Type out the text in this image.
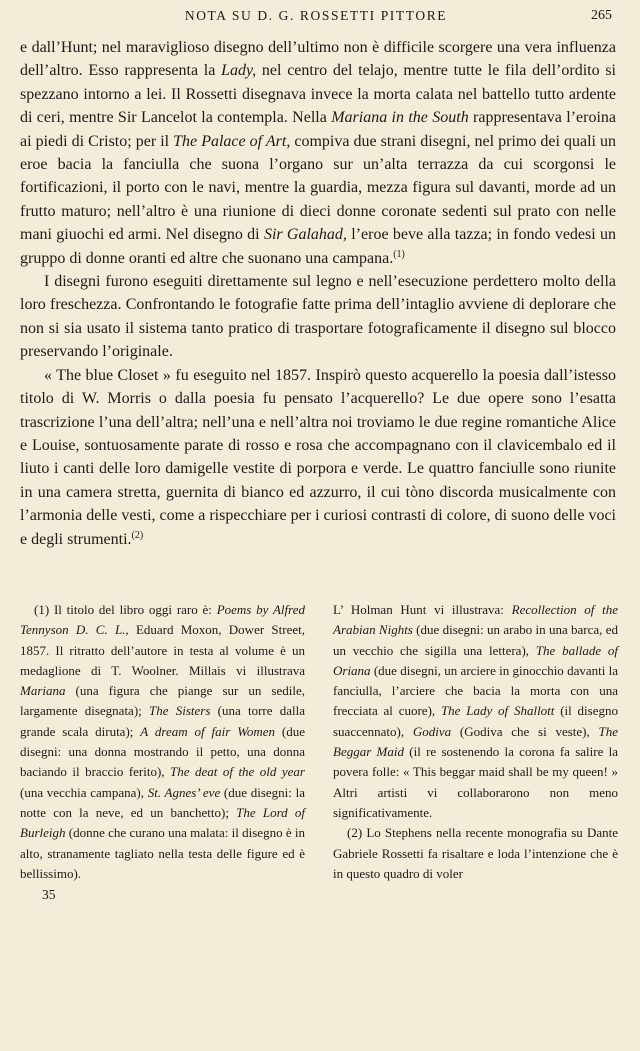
NOTA SU D. G. ROSSETTI PITTORE	265

e dall’Hunt; nel maraviglioso disegno dell’ultimo non è difficile scorgere una vera influenza dell’altro. Esso rappresenta la Lady, nel centro del telajo, mentre tutte le fila dell’ordito si spezzano intorno a lei. Il Rossetti disegnava invece la morta calata nel battello tutto ardente di ceri, mentre Sir Lancelot la contempla. Nella Mariana in the South rappresentava l’eroina ai piedi di Cristo; per il The Palace of Art, compiva due strani disegni, nel primo dei quali un eroe bacia la fanciulla che suona l’organo sur un’alta terrazza da cui scorgonsi le fortificazioni, il porto con le navi, mentre la guardia, mezza figura sul davanti, morde ad un frutto maturo; nell’altro è una riunione di dieci donne coronate sedenti sul prato con nelle mani giuochi ed armi. Nel disegno di Sir Galahad, l’eroe beve alla tazza; in fondo vedesi un gruppo di donne oranti ed altre che suonano una campana.$^{(1)}$

I disegni furono eseguiti direttamente sul legno e nell’esecuzione perdettero molto della loro freschezza. Confrontando le fotografie fatte prima dell’intaglio avviene di deplorare che non si sia usato il sistema tanto pratico di trasportare fotograficamente il disegno sul blocco preservando l’originale.

« The blue Closet » fu eseguito nel 1857. Inspirò questo acquerello la poesia dall’istesso titolo di W. Morris o dalla poesia fu pensato l’acquerello? Le due opere sono l’esatta trascrizione l’una dell’altra; nell’una e nell’altra noi troviamo le due regine romantiche Alice e Louise, sontuosamente parate di rosso e rosa che accompagnano con il clavicembalo ed il liuto i canti delle loro damigelle vestite di porpora e verde. Le quattro fanciulle sono riunite in una camera stretta, guernita di bianco ed azzurro, il cui tòno discorda musicalmente con l’armonia delle vesti, come a rispecchiare per i curiosi contrasti di colore, di suono delle voci e degli strumenti.$^{(2)}$

(1) Il titolo del libro oggi raro è: Poems by Alfred Tennyson D. C. L., Eduard Moxon, Dower Street, 1857. Il ritratto dell’autore in testa al volume è un medaglione di T. Woolner. Millais vi illustrava Mariana (una figura che piange sur un sedile, largamente disegnata); The Sisters (una torre dalla grande scala diruta); A dream of fair Women (due disegni: una donna mostrando il petto, una donna baciando il braccio ferito), The deat of the old year (una vecchia campana), St. Agnes’ eve (due disegni: la notte con la neve, ed un banchetto); The Lord of Burleigh (donne che curano una malata: il disegno è in alto, stranamente tagliato nella testa delle figure ed è bellissimo).

L’ Holman Hunt vi illustrava: Recollection of the Arabian Nights (due disegni: un arabo in una barca, ed un vecchio che sigilla una lettera), The ballade of Oriana (due disegni, un arciere in ginocchio davanti la fanciulla, l’arciere che bacia la morta con una frecciata al cuore), The Lady of Shallott (il disegno suaccennato), Godiva (Godiva che si veste), The Beggar Maid (il re sostenendo la corona fa salire la povera folle: « This beggar maid shall be my queen! » Altri artisti vi collaborarono non meno significativamente.

(2) Lo Stephens nella recente monografia su Dante Gabriele Rossetti fa risaltare e loda l’intenzione che è in questo quadro di voler

35
